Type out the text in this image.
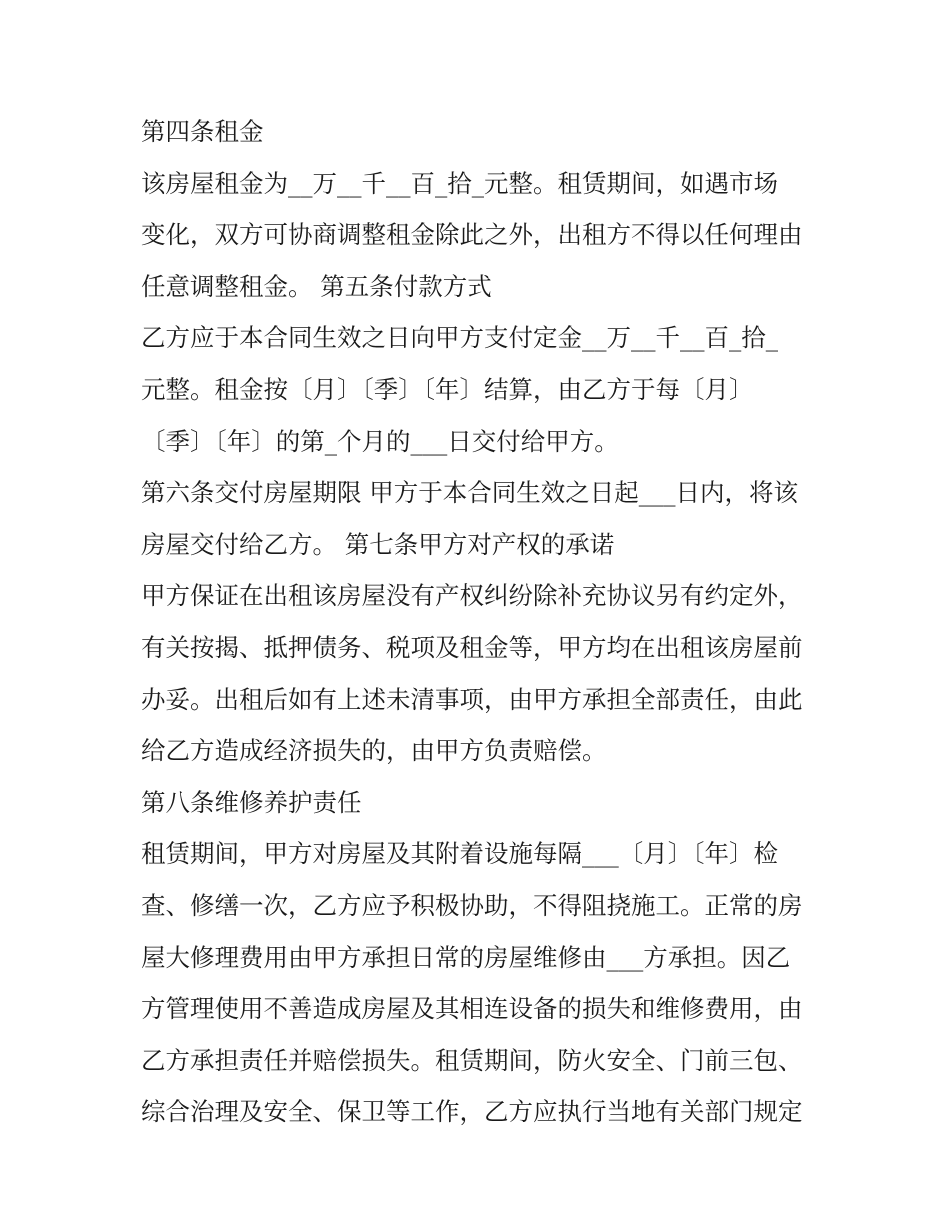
第四条租金
该房屋租金为__万__千__百_拾_元整。租赁期间，如遇市场
变化，双方可协商调整租金除此之外，出租方不得以任何理由
任意调整租金。 第五条付款方式
乙方应于本合同生效之日向甲方支付定金__万__千__百_拾_
元整。租金按〔月〕〔季〕〔年〕结算，由乙方于每〔月〕
〔季〕〔年〕的第_个月的___日交付给甲方。
第六条交付房屋期限 甲方于本合同生效之日起___日内，将该
房屋交付给乙方。 第七条甲方对产权的承诺
甲方保证在出租该房屋没有产权纠纷除补充协议另有约定外，
有关按揭、抵押债务、税项及租金等，甲方均在出租该房屋前
办妥。出租后如有上述未清事项，由甲方承担全部责任，由此
给乙方造成经济损失的，由甲方负责赔偿。
第八条维修养护责任
租赁期间，甲方对房屋及其附着设施每隔___〔月〕〔年〕检
查、修缮一次，乙方应予积极协助，不得阻挠施工。正常的房
屋大修理费用由甲方承担日常的房屋维修由___方承担。因乙
方管理使用不善造成房屋及其相连设备的损失和维修费用，由
乙方承担责任并赔偿损失。租赁期间，防火安全、门前三包、
综合治理及安全、保卫等工作，乙方应执行当地有关部门规定
